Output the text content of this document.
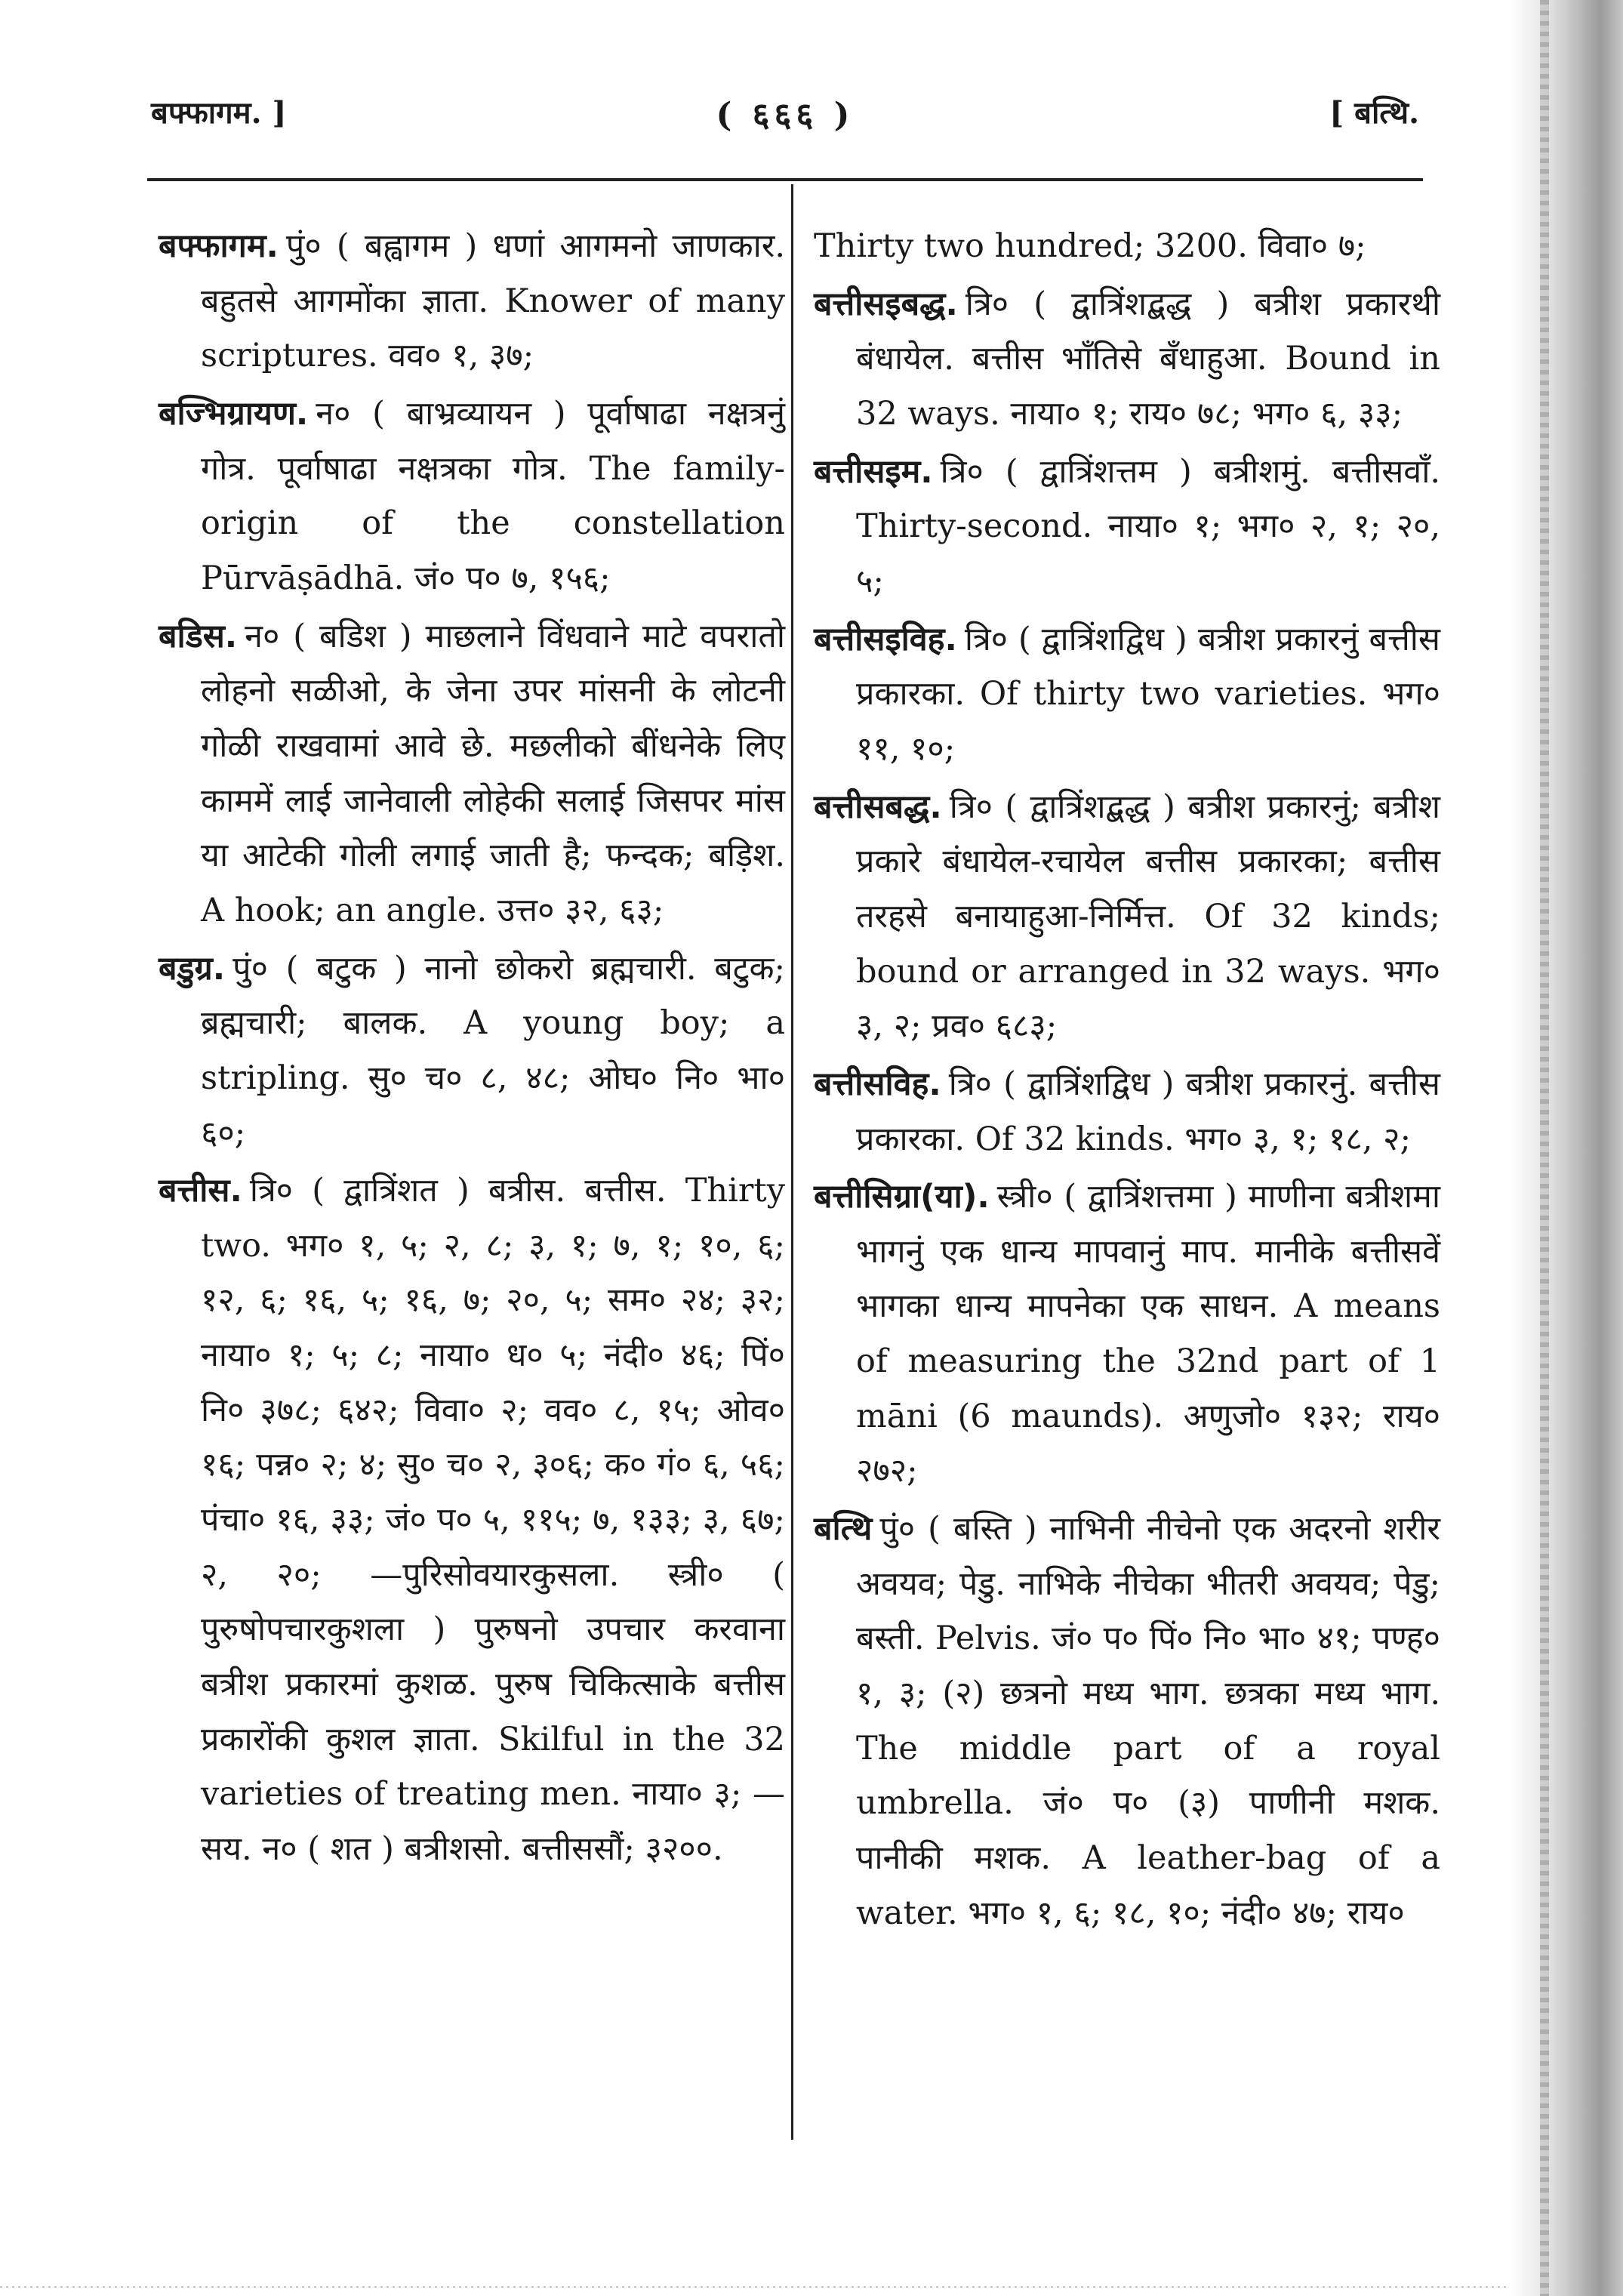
बफ्फागम. ]	( ६६६ )	[ बत्थि.

बफ्फागम. पुं० ( बह्वागम ) धणां आगमनो जाणकार. बहुतसे आगमोंका ज्ञाता. Knower of many scriptures. वव० १, ३७;

बज्भिग्रायण. न० ( बाभ्रव्यायन ) पूर्वाषाढा नक्षत्रनुं गोत्र. पूर्वाषाढा नक्षत्रका गोत्र. The family-origin of the constellation Pūrvāṣādhā. जं० प० ७, १५६;

बडिस. न० ( बडिश ) माछलाने विंधवाने माटे वपरातो लोहनो सळीओ, के जेना उपर मांसनी के लोटनी गोळी राखवामां आवे छे. मछलीको बींधनेके लिए काममें लाई जानेवाली लोहेकी सलाई जिसपर मांस या आटेकी गोली लगाई जाती है; फन्दक; बड़िश. A hook; an angle. उत्त० ३२, ६३;

बडुग्र. पुं० ( बटुक ) नानो छोकरो ब्रह्मचारी. बटुक; ब्रह्मचारी; बालक. A young boy; a stripling. सु० च० ८, ४८; ओघ० नि० भा० ६०;

बत्तीस. त्रि० ( द्वात्रिंशत ) बत्रीस. बत्तीस. Thirty two. भग० १, ५; २, ८; ३, १; ७, १; १०, ६; १२, ६; १६, ५; १६, ७; २०, ५; सम० २४; ३२; नाया० १; ५; ८; नाया० ध० ५; नंदी० ४६; पिं० नि० ३७८; ६४२; विवा० २; वव० ८, १५; ओव० १६; पन्न० २; ४; सु० च० २, ३०६; क० गं० ६, ५६; पंचा० १६, ३३; जं० प० ५, ११५; ७, १३३; ३, ६७; २, २०; —पुरिसोवयारकुसला. स्त्री० ( पुरुषोपचारकुशला ) पुरुषनो उपचार करवाना बत्रीश प्रकारमां कुशळ. पुरुष चिकित्साके बत्तीस प्रकारोंकी कुशल ज्ञाता. Skilful in the 32 varieties of treating men. नाया० ३; —सय. न० ( शत ) बत्रीशसो. बत्तीससौं; ३२००.

Thirty two hundred; 3200. विवा० ७;

बत्तीसइबद्ध. त्रि० ( द्वात्रिंशद्बद्ध ) बत्रीश प्रकारथी बंधायेल. बत्तीस भाँतिसे बँधाहुआ. Bound in 32 ways. नाया० १; राय० ७८; भग० ६, ३३;

बत्तीसइम. त्रि० ( द्वात्रिंशत्तम ) बत्रीशमुं. बत्तीसवाँ. Thirty-second. नाया० १; भग० २, १; २०, ५;

बत्तीसइविह. त्रि० ( द्वात्रिंशद्विध ) बत्रीश प्रकारनुं बत्तीस प्रकारका. Of thirty two varieties. भग० ११, १०;

बत्तीसबद्ध. त्रि० ( द्वात्रिंशद्बद्ध ) बत्रीश प्रकारनुं; बत्रीश प्रकारे बंधायेल-रचायेल बत्तीस प्रकारका; बत्तीस तरहसे बनायाहुआ-निर्मित्त. Of 32 kinds; bound or arranged in 32 ways. भग० ३, २; प्रव० ६८३;

बत्तीसविह. त्रि० ( द्वात्रिंशद्विध ) बत्रीश प्रकारनुं. बत्तीस प्रकारका. Of 32 kinds. भग० ३, १; १८, २;

बत्तीसिग्रा(या). स्त्री० ( द्वात्रिंशत्तमा ) माणीना बत्रीशमा भागनुं एक धान्य मापवानुं माप. मानीके बत्तीसवें भागका धान्य मापनेका एक साधन. A means of measuring the 32nd part of 1 māni (6 maunds). अणुजो० १३२; राय० २७२;

बत्थि पुं० ( बस्ति ) नाभिनी नीचेनो एक अदरनो शरीर अवयव; पेडु. नाभिके नीचेका भीतरी अवयव; पेडु; बस्ती. Pelvis. जं० प० पिं० नि० भा० ४१; पण्ह० १, ३; (२) छत्रनो मध्य भाग. छत्रका मध्य भाग. The middle part of a royal umbrella. जं० प० (३) पाणीनी मशक. पानीकी मशक. A leather-bag of a water. भग० १, ६; १८, १०; नंदी० ४७; राय०
